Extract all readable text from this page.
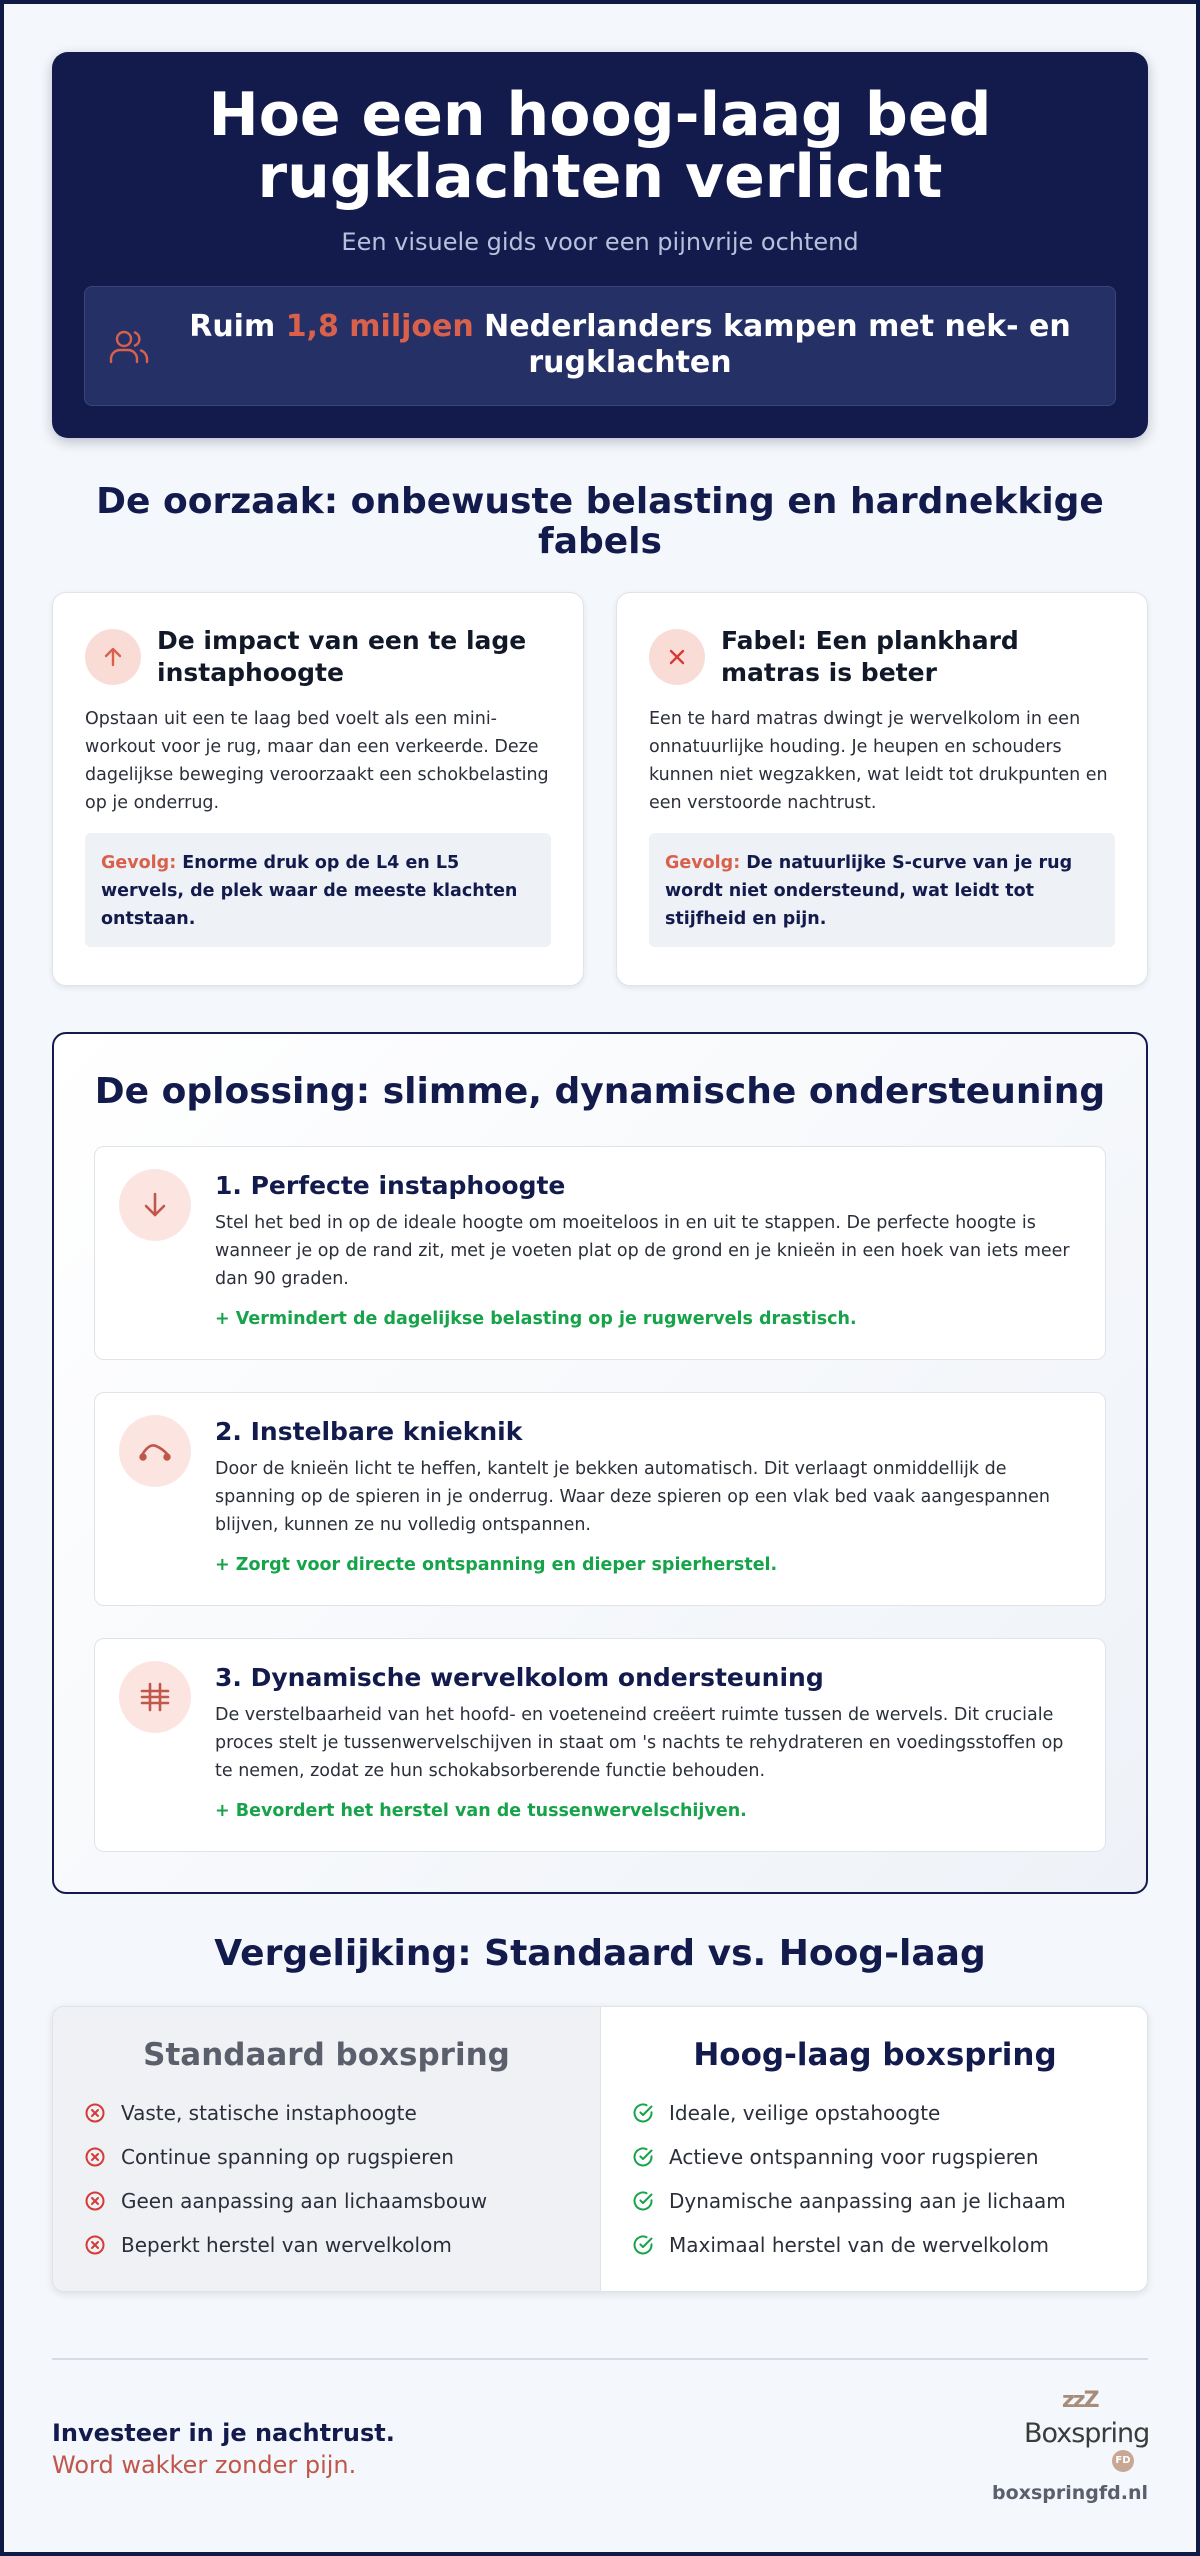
Hoe een hoog-laag bed rugklachten verlicht
Een visuele gids voor een pijnvrije ochtend
Ruim 1,8 miljoen Nederlanders kampen met nek- en rugklachten
De oorzaak: onbewuste belasting en hardnekkige fabels
De impact van een te lage instaphoogte

Opstaan uit een te laag bed voelt als een mini-workout voor je rug, maar dan een verkeerde. Deze dagelijkse beweging veroorzaakt een schokbelasting op je onderrug.

Gevolg: Enorme druk op de L4 en L5 wervels, de plek waar de meeste klachten ontstaan.
Fabel: Een plankhard matras is beter

Een te hard matras dwingt je wervelkolom in een onnatuurlijke houding. Je heupen en schouders kunnen niet wegzakken, wat leidt tot drukpunten en een verstoorde nachtrust.

Gevolg: De natuurlijke S-curve van je rug wordt niet ondersteund, wat leidt tot stijfheid en pijn.
De oplossing: slimme, dynamische ondersteuning
1. Perfecte instaphoogte

Stel het bed in op de ideale hoogte om moeiteloos in en uit te stappen. De perfecte hoogte is wanneer je op de rand zit, met je voeten plat op de grond en je knieën in een hoek van iets meer dan 90 graden.

+ Vermindert de dagelijkse belasting op je rugwervels drastisch.
2. Instelbare knieknik

Door de knieën licht te heffen, kantelt je bekken automatisch. Dit verlaagt onmiddellijk de spanning op de spieren in je onderrug. Waar deze spieren op een vlak bed vaak aangespannen blijven, kunnen ze nu volledig ontspannen.

+ Zorgt voor directe ontspanning en dieper spierherstel.
3. Dynamische wervelkolom ondersteuning

De verstelbaarheid van het hoofd- en voeteneind creëert ruimte tussen de wervels. Dit cruciale proces stelt je tussenwervelschijven in staat om 's nachts te rehydrateren en voedingsstoffen op te nemen, zodat ze hun schokabsorberende functie behouden.

+ Bevordert het herstel van de tussenwervelschijven.
Vergelijking: Standaard vs. Hoog-laag
Standaard boxspring
Vaste, statische instaphoogte
Continue spanning op rugspieren
Geen aanpassing aan lichaamsbouw
Beperkt herstel van wervelkolom
Hoog-laag boxspring
Ideale, veilige opstahoogte
Actieve ontspanning voor rugspieren
Dynamische aanpassing aan je lichaam
Maximaal herstel van de wervelkolom
Investeer in je nachtrust.
Word wakker zonder pijn.
zzZ
Boxspring
FD
boxspringfd.nl
